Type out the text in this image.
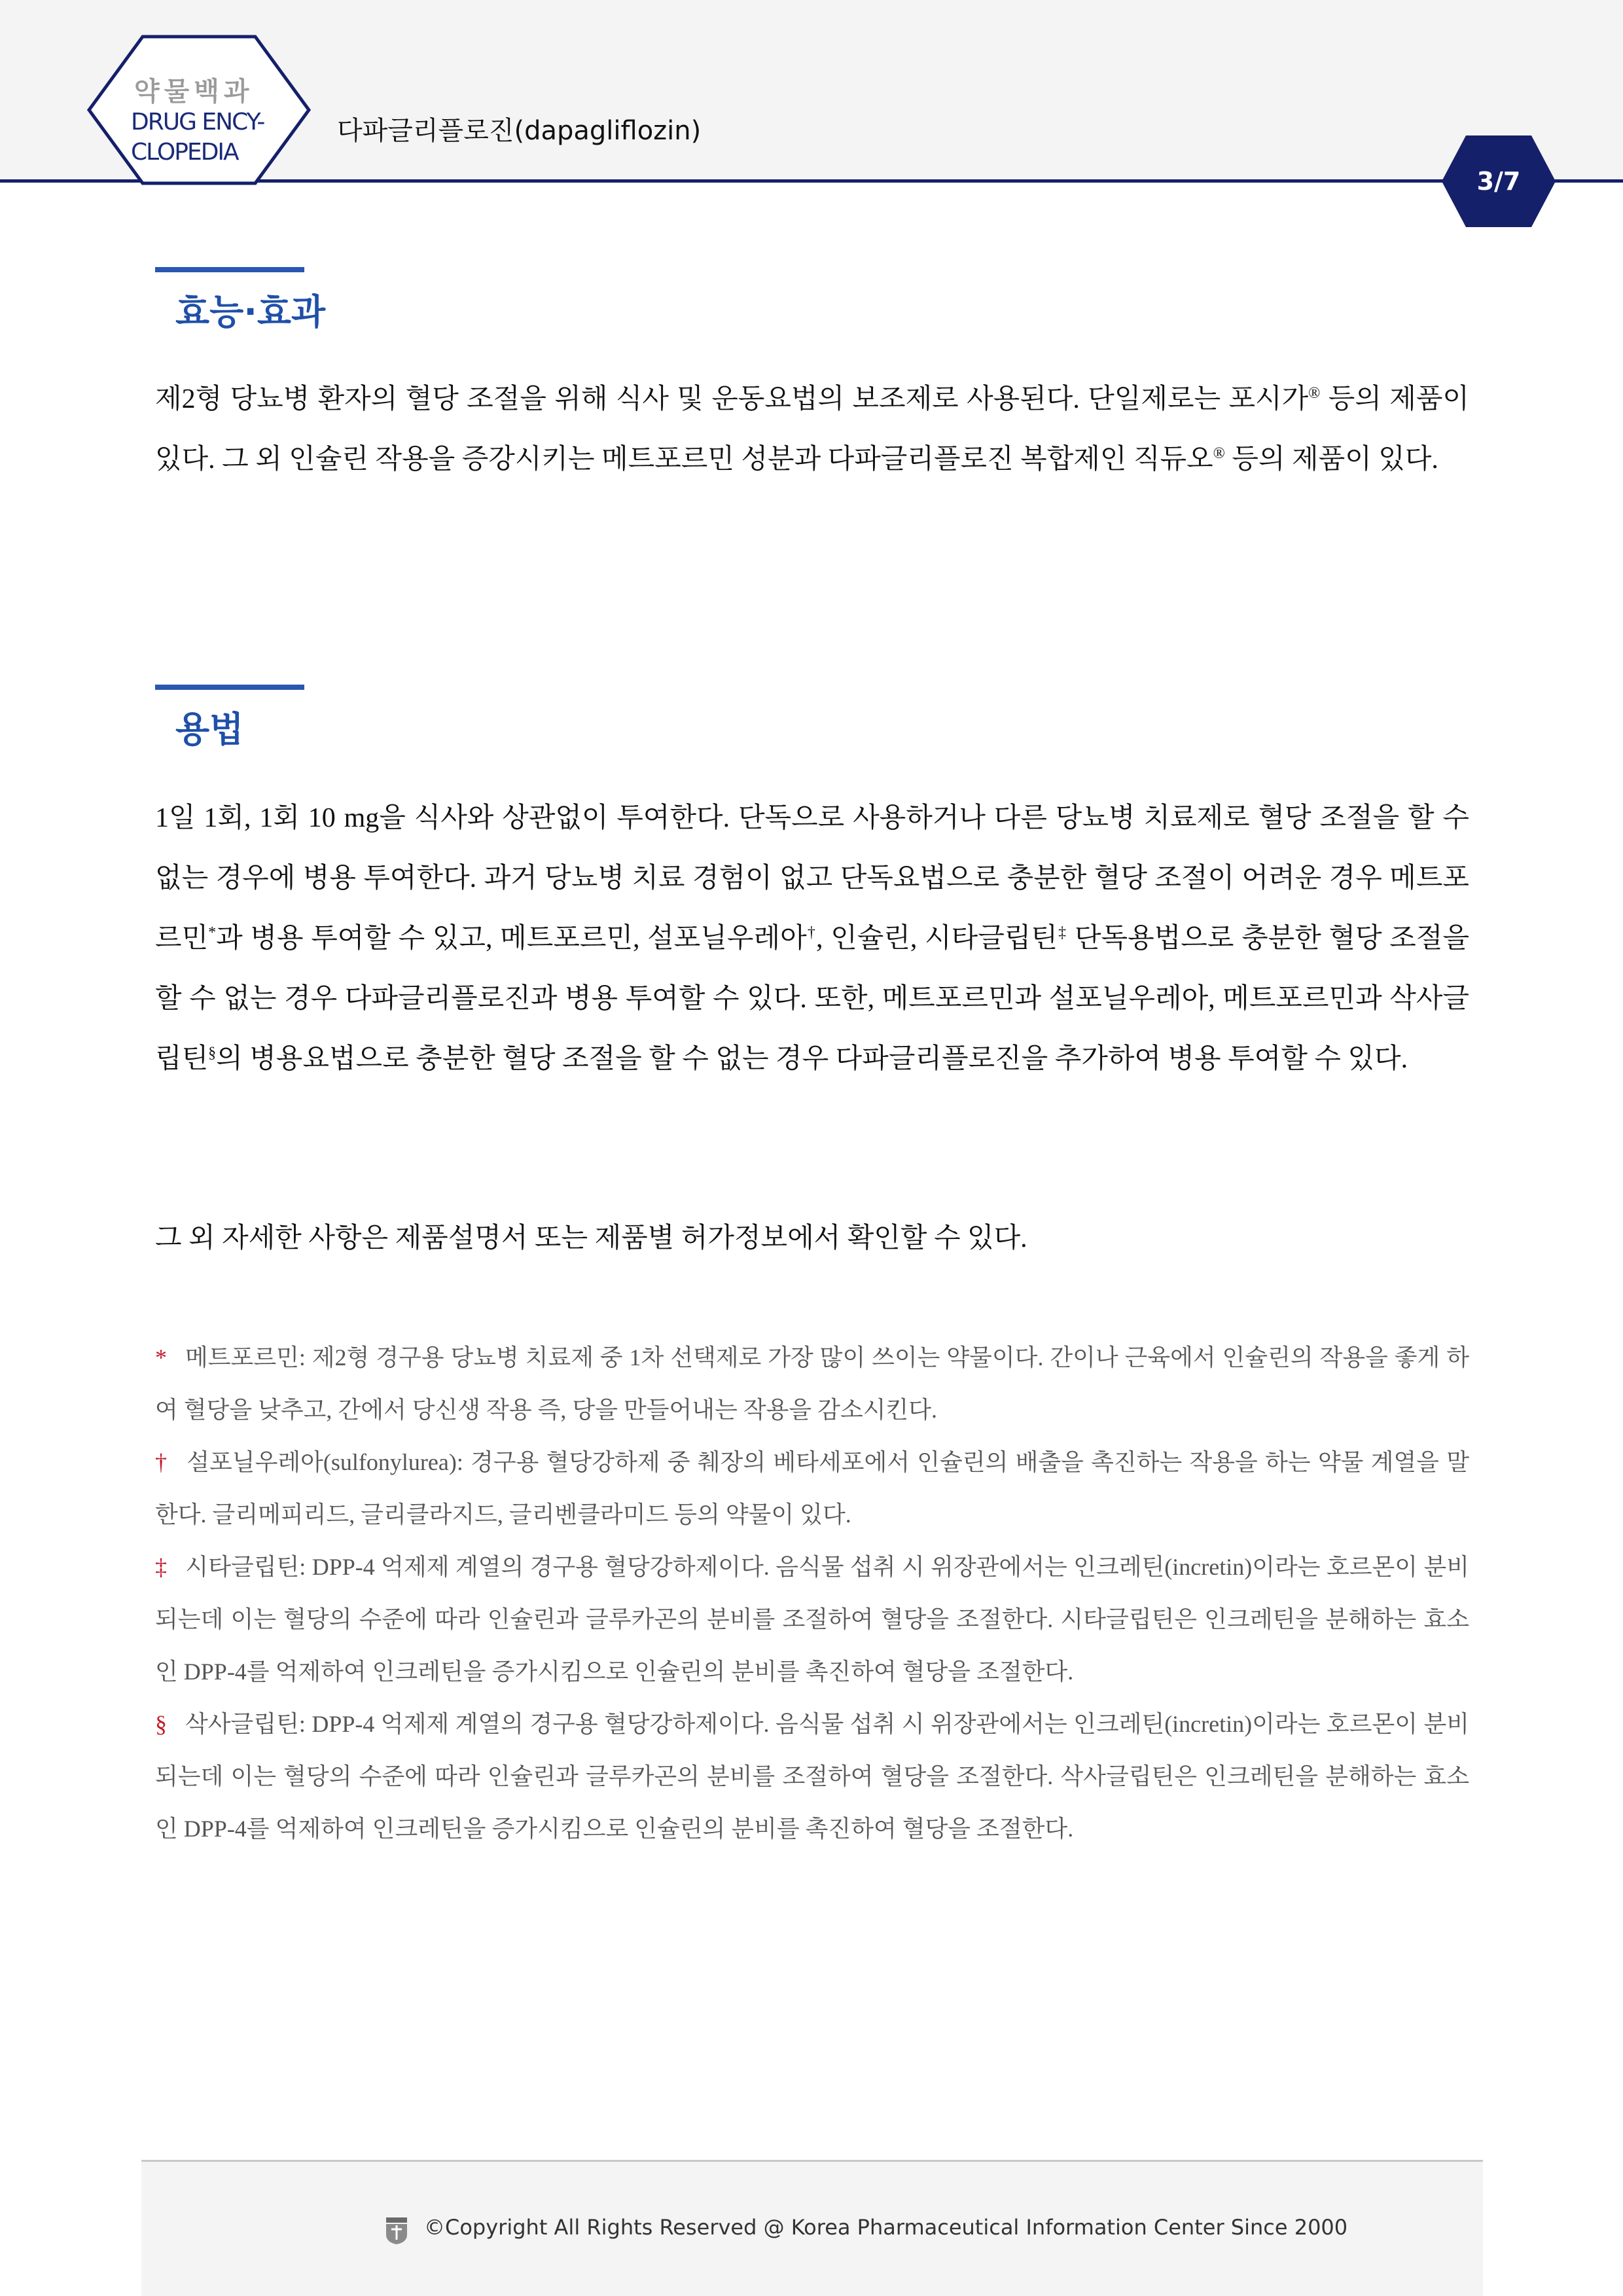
약물백과
DRUG ENCY-
CLOPEDIA
다파글리플로진(dapagliflozin)
3/7
효능·효과
제2형 당뇨병 환자의 혈당 조절을 위해 식사 및 운동요법의 보조제로 사용된다. 단일제로는 포시가® 등의 제품이 있다. 그 외 인슐린 작용을 증강시키는 메트포르민 성분과 다파글리플로진 복합제인 직듀오® 등의 제품이 있다.
용법
1일 1회, 1회 10 mg을 식사와 상관없이 투여한다. 단독으로 사용하거나 다른 당뇨병 치료제로 혈당 조절을 할 수 없는 경우에 병용 투여한다. 과거 당뇨병 치료 경험이 없고 단독요법으로 충분한 혈당 조절이 어려운 경우 메트포르민*과 병용 투여할 수 있고, 메트포르민, 설포닐우레아†, 인슐린, 시타글립틴‡ 단독용법으로 충분한 혈당 조절을 할 수 없는 경우 다파글리플로진과 병용 투여할 수 있다. 또한, 메트포르민과 설포닐우레아, 메트포르민과 삭사글립틴§의 병용요법으로 충분한 혈당 조절을 할 수 없는 경우 다파글리플로진을 추가하여 병용 투여할 수 있다.
그 외 자세한 사항은 제품설명서 또는 제품별 허가정보에서 확인할 수 있다.

* 메트포르민: 제2형 경구용 당뇨병 치료제 중 1차 선택제로 가장 많이 쓰이는 약물이다. 간이나 근육에서 인슐린의 작용을 좋게 하여 혈당을 낮추고, 간에서 당신생 작용 즉, 당을 만들어내는 작용을 감소시킨다.

† 설포닐우레아(sulfonylurea): 경구용 혈당강하제 중 췌장의 베타세포에서 인슐린의 배출을 촉진하는 작용을 하는 약물 계열을 말한다. 글리메피리드, 글리클라지드, 글리벤클라미드 등의 약물이 있다.

‡ 시타글립틴: DPP-4 억제제 계열의 경구용 혈당강하제이다. 음식물 섭취 시 위장관에서는 인크레틴(incretin)이라는 호르몬이 분비되는데 이는 혈당의 수준에 따라 인슐린과 글루카곤의 분비를 조절하여 혈당을 조절한다. 시타글립틴은 인크레틴을 분해하는 효소인 DPP-4를 억제하여 인크레틴을 증가시킴으로 인슐린의 분비를 촉진하여 혈당을 조절한다.

§ 삭사글립틴: DPP-4 억제제 계열의 경구용 혈당강하제이다. 음식물 섭취 시 위장관에서는 인크레틴(incretin)이라는 호르몬이 분비되는데 이는 혈당의 수준에 따라 인슐린과 글루카곤의 분비를 조절하여 혈당을 조절한다. 삭사글립틴은 인크레틴을 분해하는 효소인 DPP-4를 억제하여 인크레틴을 증가시킴으로 인슐린의 분비를 촉진하여 혈당을 조절한다.

©Copyright All Rights Reserved @ Korea Pharmaceutical Information Center Since 2000
